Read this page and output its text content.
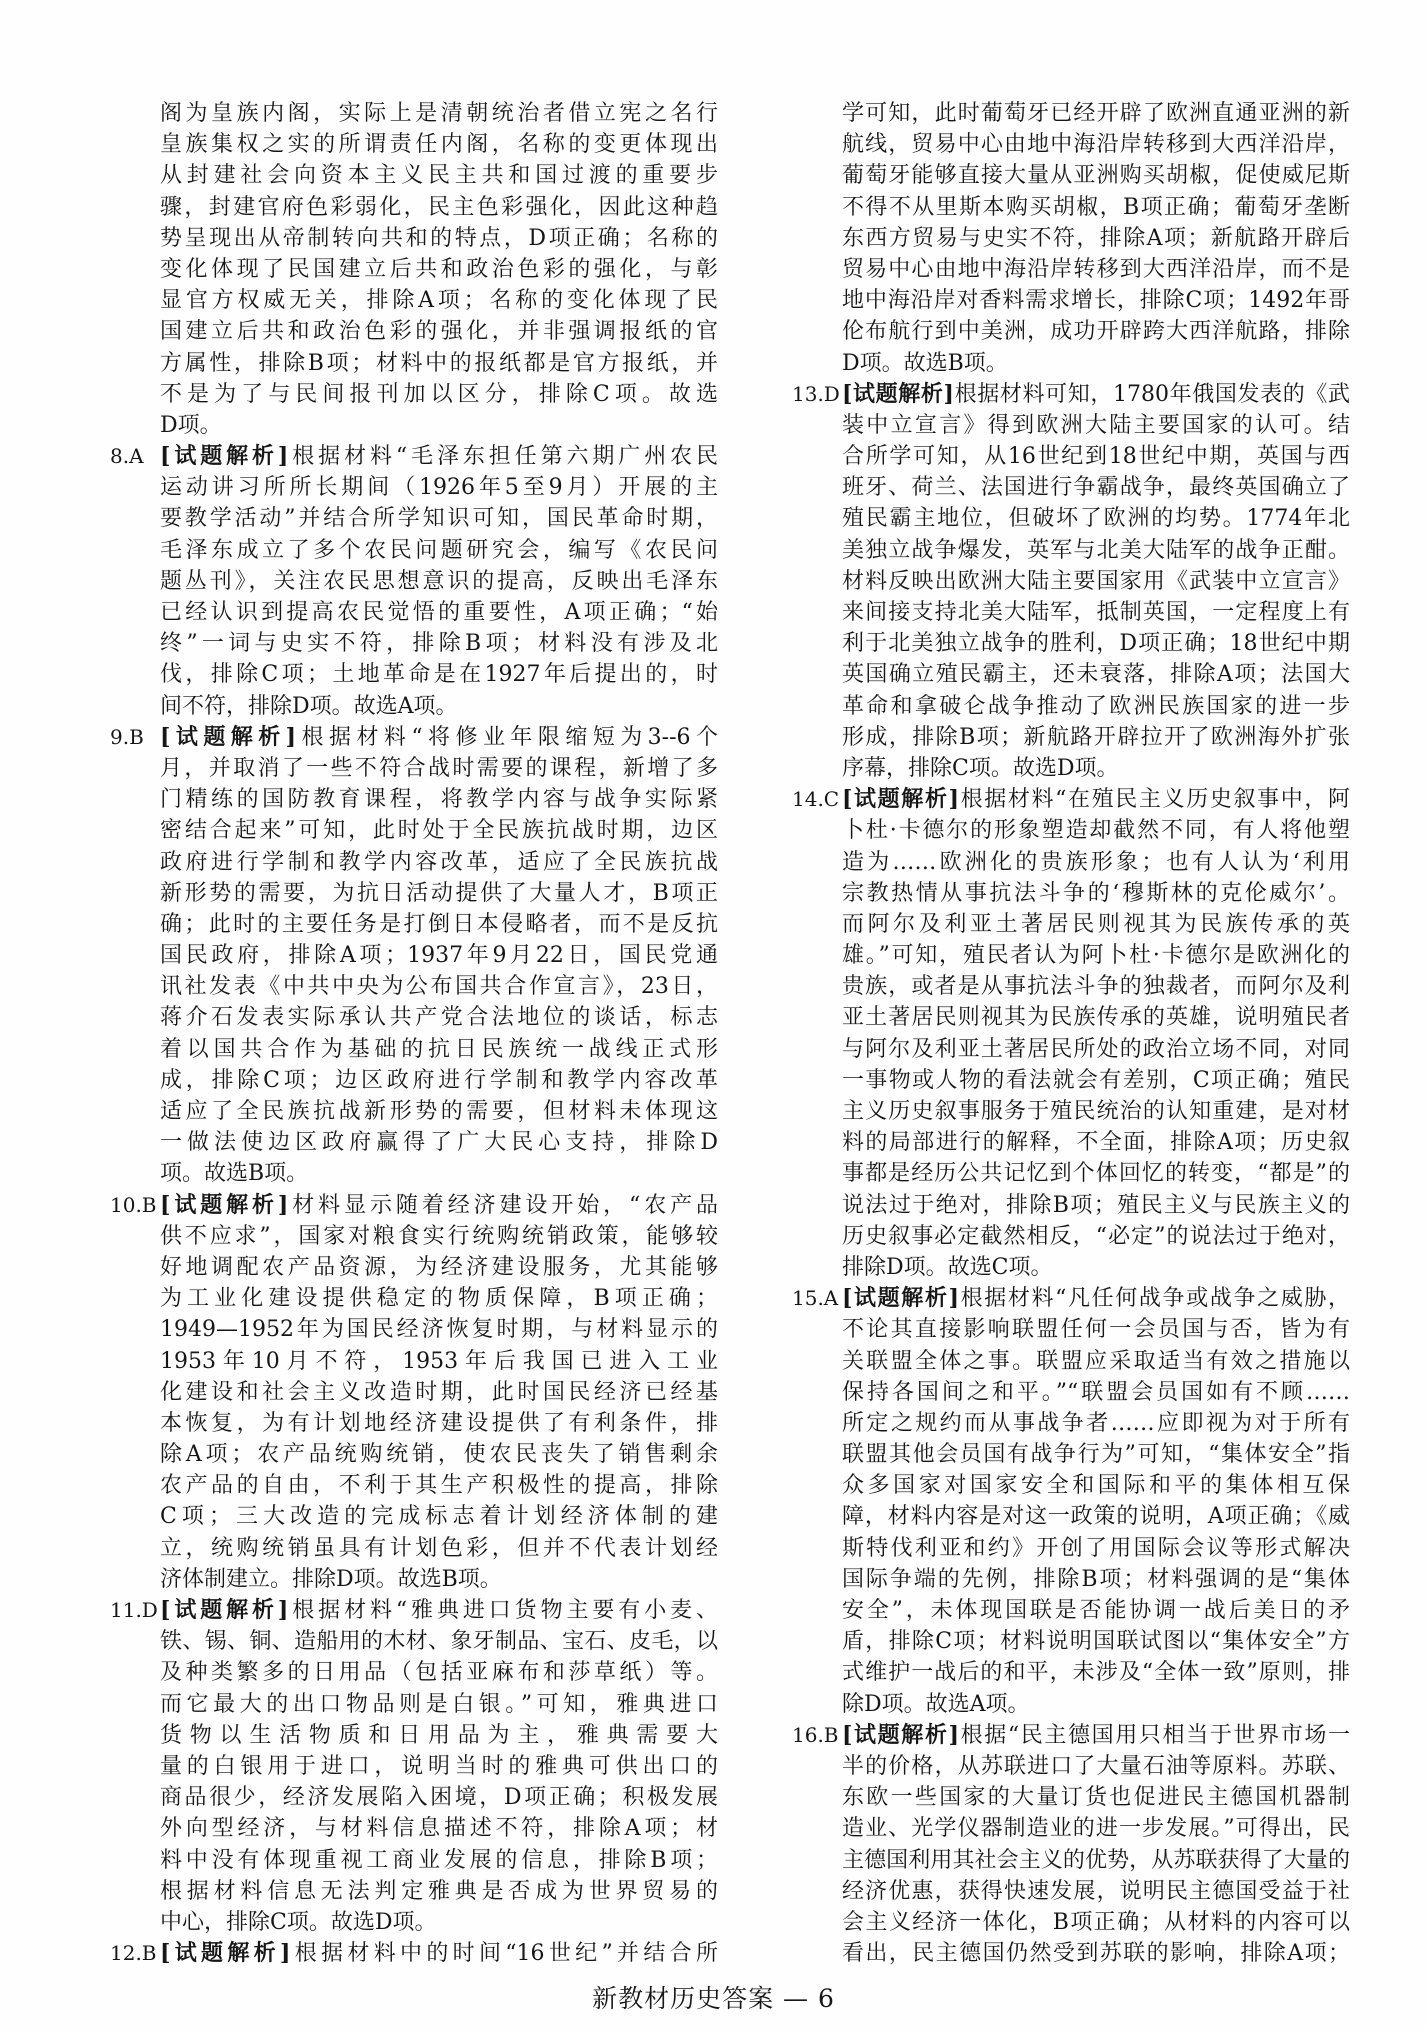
阁为皇族内阁，实际上是清朝统治者借立宪之名行
皇族集权之实的所谓责任内阁，名称的变更体现出
从封建社会向资本主义民主共和国过渡的重要步
骤，封建官府色彩弱化，民主色彩强化，因此这种趋
势呈现出从帝制转向共和的特点，D项正确；名称的
变化体现了民国建立后共和政治色彩的强化，与彰
显官方权威无关，排除A项；名称的变化体现了民
国建立后共和政治色彩的强化，并非强调报纸的官
方属性，排除B项；材料中的报纸都是官方报纸，并
不是为了与民间报刊加以区分，排除C项。故选
D项。
8.A [试题解析]根据材料“毛泽东担任第六期广州农民
运动讲习所所长期间（1926年5至9月）开展的主
要教学活动”并结合所学知识可知，国民革命时期，
毛泽东成立了多个农民问题研究会，编写《农民问
题丛刊》，关注农民思想意识的提高，反映出毛泽东
已经认识到提高农民觉悟的重要性，A项正确；“始
终”一词与史实不符，排除B项；材料没有涉及北
伐，排除C项；土地革命是在1927年后提出的，时
间不符，排除D项。故选A项。
9.B [试题解析]根据材料“将修业年限缩短为3--6个
月，并取消了一些不符合战时需要的课程，新增了多
门精练的国防教育课程，将教学内容与战争实际紧
密结合起来”可知，此时处于全民族抗战时期，边区
政府进行学制和教学内容改革，适应了全民族抗战
新形势的需要，为抗日活动提供了大量人才，B项正
确；此时的主要任务是打倒日本侵略者，而不是反抗
国民政府，排除A项；1937年9月22日，国民党通
讯社发表《中共中央为公布国共合作宣言》，23日，
蒋介石发表实际承认共产党合法地位的谈话，标志
着以国共合作为基础的抗日民族统一战线正式形
成，排除C项；边区政府进行学制和教学内容改革
适应了全民族抗战新形势的需要，但材料未体现这
一做法使边区政府赢得了广大民心支持，排除D
项。故选B项。
10.B [试题解析]材料显示随着经济建设开始，“农产品
供不应求”，国家对粮食实行统购统销政策，能够较
好地调配农产品资源，为经济建设服务，尤其能够
为工业化建设提供稳定的物质保障，B项正确；
1949—1952年为国民经济恢复时期，与材料显示的
1953年10月不符，1953年后我国已进入工业
化建设和社会主义改造时期，此时国民经济已经基
本恢复，为有计划地经济建设提供了有利条件，排
除A项；农产品统购统销，使农民丧失了销售剩余
农产品的自由，不利于其生产积极性的提高，排除
C项；三大改造的完成标志着计划经济体制的建
立，统购统销虽具有计划色彩，但并不代表计划经
济体制建立。排除D项。故选B项。
11.D [试题解析]根据材料“雅典进口货物主要有小麦、
铁、锡、铜、造船用的木材、象牙制品、宝石、皮毛，以
及种类繁多的日用品（包括亚麻布和莎草纸）等。
而它最大的出口物品则是白银。”可知，雅典进口
货物以生活物质和日用品为主，雅典需要大
量的白银用于进口，说明当时的雅典可供出口的
商品很少，经济发展陷入困境，D项正确；积极发展
外向型经济，与材料信息描述不符，排除A项；材
料中没有体现重视工商业发展的信息，排除B项；
根据材料信息无法判定雅典是否成为世界贸易的
中心，排除C项。故选D项。
12.B [试题解析]根据材料中的时间“16世纪”并结合所
学可知，此时葡萄牙已经开辟了欧洲直通亚洲的新
航线，贸易中心由地中海沿岸转移到大西洋沿岸，
葡萄牙能够直接大量从亚洲购买胡椒，促使威尼斯
不得不从里斯本购买胡椒，B项正确；葡萄牙垄断
东西方贸易与史实不符，排除A项；新航路开辟后
贸易中心由地中海沿岸转移到大西洋沿岸，而不是
地中海沿岸对香料需求增长，排除C项；1492年哥
伦布航行到中美洲，成功开辟跨大西洋航路，排除
D项。故选B项。
13.D [试题解析]根据材料可知，1780年俄国发表的《武
装中立宣言》得到欧洲大陆主要国家的认可。结
合所学可知，从16世纪到18世纪中期，英国与西
班牙、荷兰、法国进行争霸战争，最终英国确立了
殖民霸主地位，但破坏了欧洲的均势。1774年北
美独立战争爆发，英军与北美大陆军的战争正酣。
材料反映出欧洲大陆主要国家用《武装中立宣言》
来间接支持北美大陆军，抵制英国，一定程度上有
利于北美独立战争的胜利，D项正确；18世纪中期
英国确立殖民霸主，还未衰落，排除A项；法国大
革命和拿破仑战争推动了欧洲民族国家的进一步
形成，排除B项；新航路开辟拉开了欧洲海外扩张
序幕，排除C项。故选D项。
14.C [试题解析]根据材料“在殖民主义历史叙事中，阿
卜杜·卡德尔的形象塑造却截然不同，有人将他塑
造为……欧洲化的贵族形象；也有人认为‘利用
宗教热情从事抗法斗争的‘穆斯林的克伦威尔’。
而阿尔及利亚土著居民则视其为民族传承的英
雄。”可知，殖民者认为阿卜杜·卡德尔是欧洲化的
贵族，或者是从事抗法斗争的独裁者，而阿尔及利
亚土著居民则视其为民族传承的英雄，说明殖民者
与阿尔及利亚土著居民所处的政治立场不同，对同
一事物或人物的看法就会有差别，C项正确；殖民
主义历史叙事服务于殖民统治的认知重建，是对材
料的局部进行的解释，不全面，排除A项；历史叙
事都是经历公共记忆到个体回忆的转变，“都是”的
说法过于绝对，排除B项；殖民主义与民族主义的
历史叙事必定截然相反，“必定”的说法过于绝对，
排除D项。故选C项。
15.A [试题解析]根据材料“凡任何战争或战争之威胁，
不论其直接影响联盟任何一会员国与否，皆为有
关联盟全体之事。联盟应采取适当有效之措施以
保持各国间之和平。”“联盟会员国如有不顾……
所定之规约而从事战争者……应即视为对于所有
联盟其他会员国有战争行为”可知，“集体安全”指
众多国家对国家安全和国际和平的集体相互保
障，材料内容是对这一政策的说明，A项正确；《威
斯特伐利亚和约》开创了用国际会议等形式解决
国际争端的先例，排除B项；材料强调的是“集体
安全”，未体现国联是否能协调一战后美日的矛
盾，排除C项；材料说明国联试图以“集体安全”方
式维护一战后的和平，未涉及“全体一致”原则，排
除D项。故选A项。
16.B [试题解析]根据“民主德国用只相当于世界市场一
半的价格，从苏联进口了大量石油等原料。苏联、
东欧一些国家的大量订货也促进民主德国机器制
造业、光学仪器制造业的进一步发展。”可得出，民
主德国利用其社会主义的优势，从苏联获得了大量的
经济优惠，获得快速发展，说明民主德国受益于社
会主义经济一体化，B项正确；从材料的内容可以
看出，民主德国仍然受到苏联的影响，排除A项；
新教材历史答案 — 6
